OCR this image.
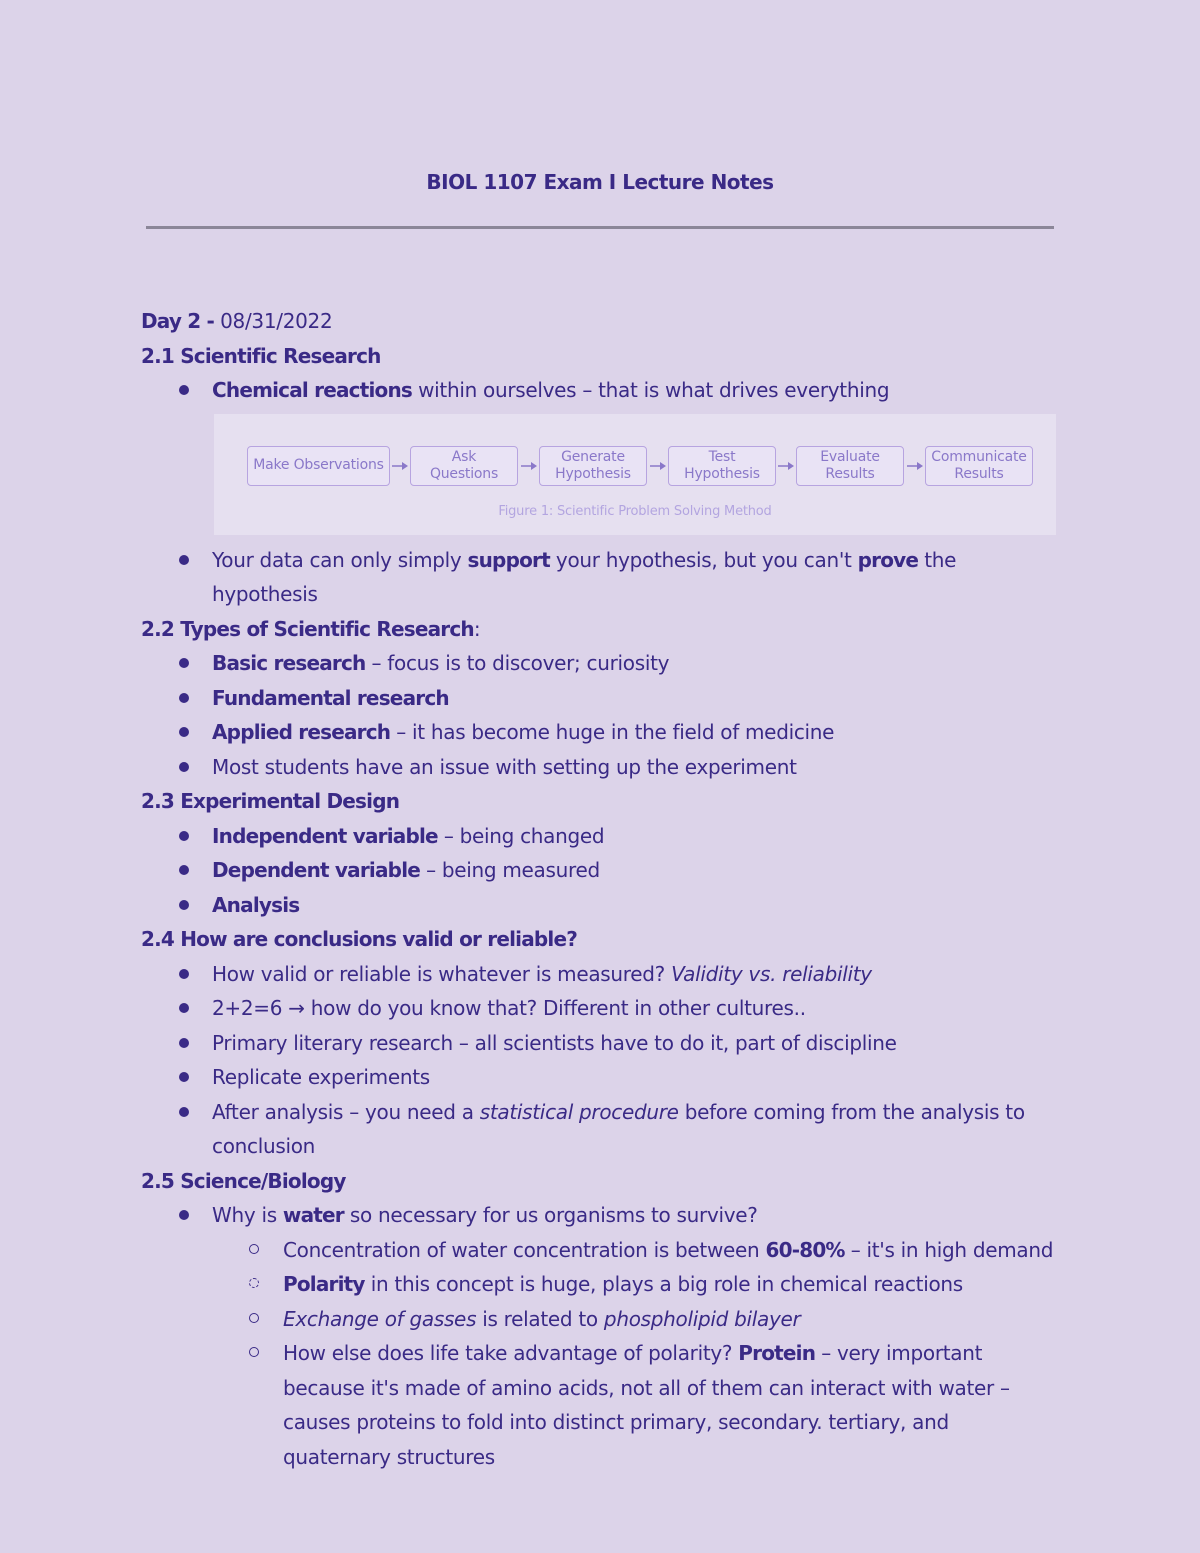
BIOL 1107 Exam I Lecture Notes
Day 2 - 08/31/2022
2.1 Scientific Research
Chemical reactions within ourselves – that is what drives everything
Make Observations
Ask
Questions
Generate
Hypothesis
Test
Hypothesis
Evaluate
Results
Communicate
Results
Figure 1: Scientific Problem Solving Method
Your data can only simply support your hypothesis, but you can't prove the hypothesis
2.2 Types of Scientific Research:
Basic research – focus is to discover; curiosity
Fundamental research
Applied research – it has become huge in the field of medicine
Most students have an issue with setting up the experiment
2.3 Experimental Design
Independent variable – being changed
Dependent variable – being measured
Analysis
2.4 How are conclusions valid or reliable?
How valid or reliable is whatever is measured? Validity vs. reliability
2+2=6 → how do you know that? Different in other cultures..
Primary literary research – all scientists have to do it, part of discipline
Replicate experiments
After analysis – you need a statistical procedure before coming from the analysis to conclusion
2.5 Science/Biology
Why is water so necessary for us organisms to survive?
Concentration of water concentration is between 60-80% – it's in high demand
Polarity in this concept is huge, plays a big role in chemical reactions
Exchange of gasses is related to phospholipid bilayer
How else does life take advantage of polarity? Protein – very important because it's made of amino acids, not all of them can interact with water – causes proteins to fold into distinct primary, secondary. tertiary, and quaternary structures
